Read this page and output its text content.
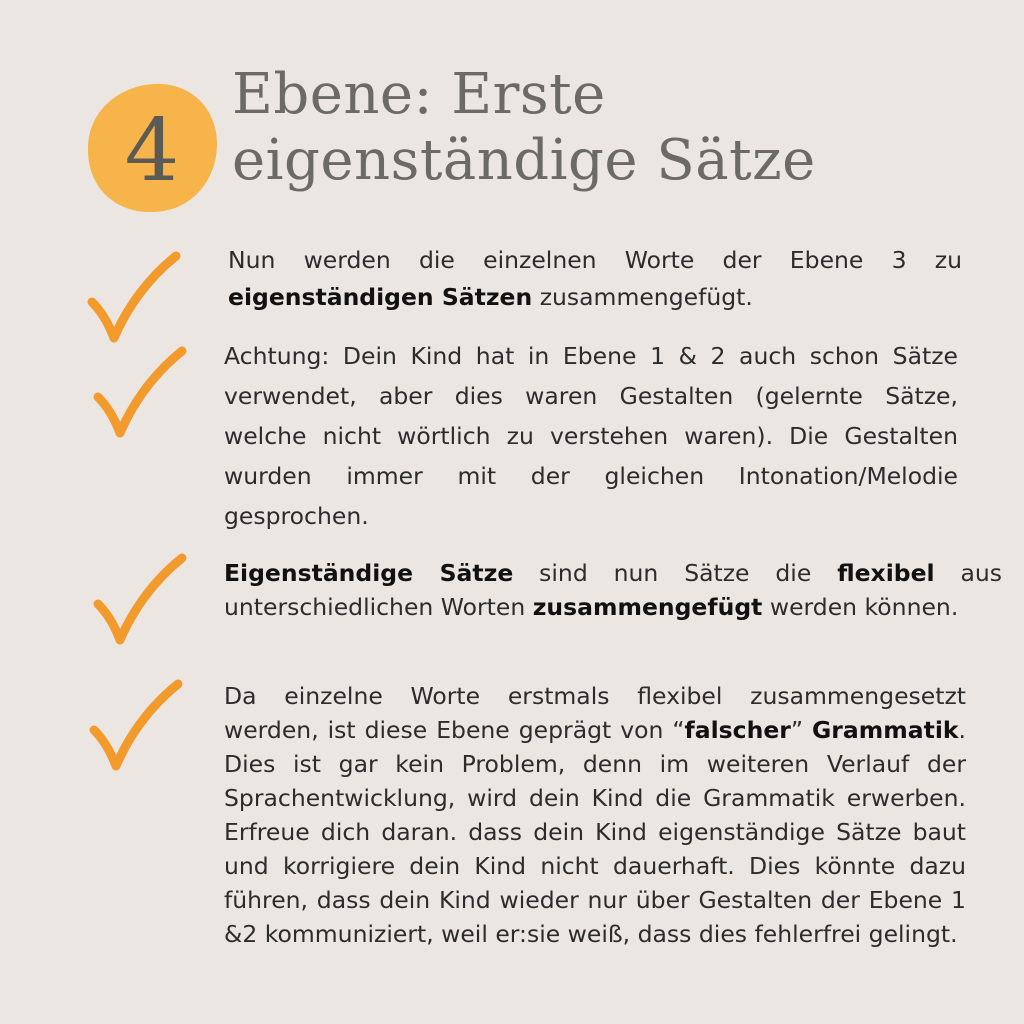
4
Ebene: Erste eigenständige Sätze

Nun werden die einzelnen Worte der Ebene 3 zu eigenständigen Sätzen zusammengefügt.

Achtung: Dein Kind hat in Ebene 1 & 2 auch schon Sätze verwendet, aber dies waren Gestalten (gelernte Sätze, welche nicht wörtlich zu verstehen waren). Die Gestalten wurden immer mit der gleichen Intonation/Melodie gesprochen.

Eigenständige Sätze sind nun Sätze die flexibel aus unterschiedlichen Worten zusammengefügt werden können.

Da einzelne Worte erstmals flexibel zusammengesetzt werden, ist diese Ebene geprägt von “falscher” Grammatik. Dies ist gar kein Problem, denn im weiteren Verlauf der Sprachentwicklung, wird dein Kind die Grammatik erwerben. Erfreue dich daran. dass dein Kind eigenständige Sätze baut und korrigiere dein Kind nicht dauerhaft. Dies könnte dazu führen, dass dein Kind wieder nur über Gestalten der Ebene 1 &2 kommuniziert, weil er:sie weiß, dass dies fehlerfrei gelingt.
